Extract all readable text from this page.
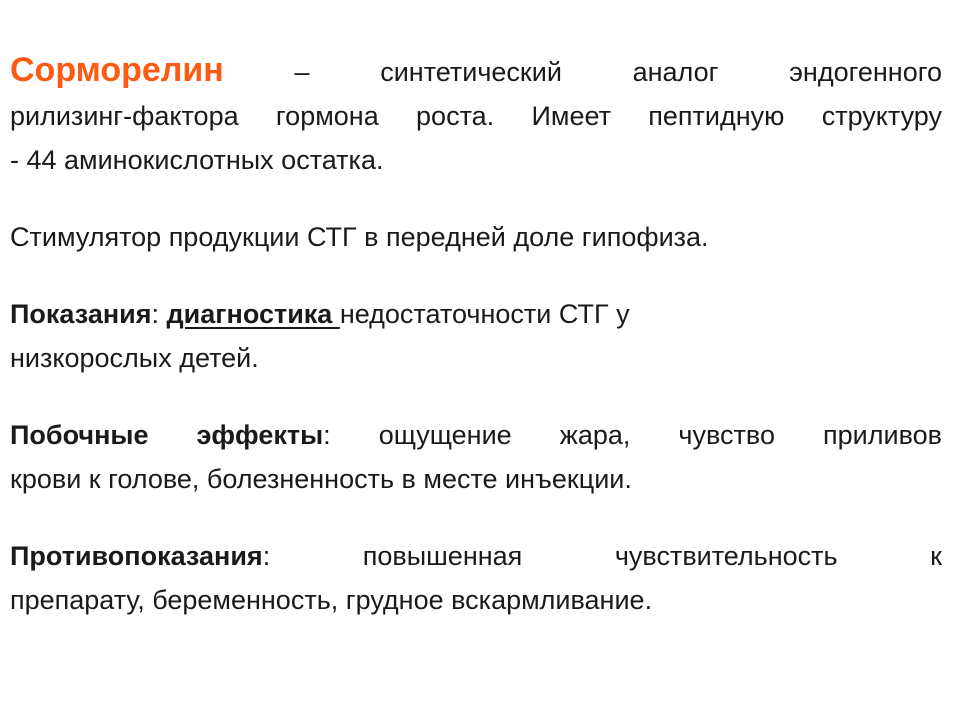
Сорморелин – синтетический аналог эндогенного
рилизинг-фактора гормона роста. Имеет пептидную структуру
- 44 аминокислотных остатка.
Стимулятор продукции СТГ в передней доле гипофиза.
Показания: диагностика недостаточности СТГ у
низкорослых детей.
Побочные эффекты: ощущение жара, чувство приливов
крови к голове, болезненность в месте инъекции.
Противопоказания: повышенная чувствительность к
препарату, беременность, грудное вскармливание.
